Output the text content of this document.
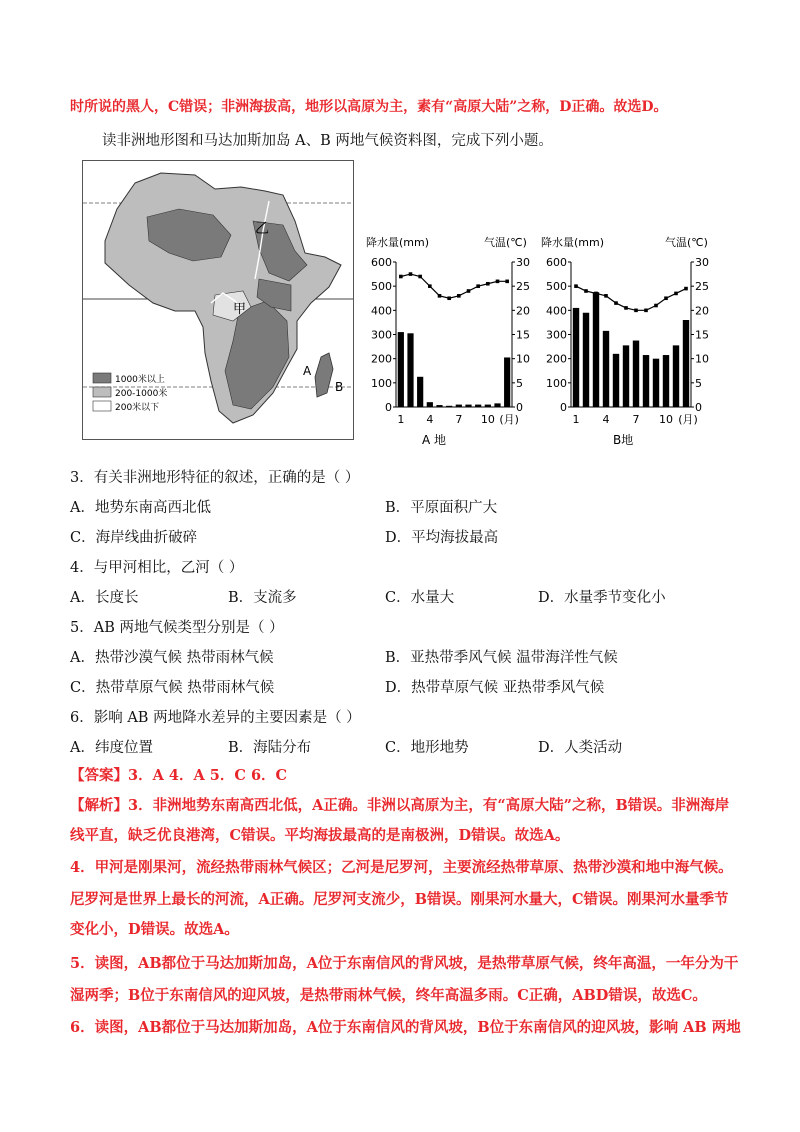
时所说的黑人，C错误；非洲海拔高，地形以高原为主，素有“高原大陆”之称，D正确。故选D。
读非洲地形图和马达加斯加岛 A、B 两地气候资料图，完成下列小题。
乙
甲
A
B
1000米以上
200-1000米
200米以下
降水量(mm)	气温(℃)
600
500
400
300
200
100
0
30
25
20
15
10
5
0
1 4 7 10 (月)
A 地
降水量(mm)	气温(℃)
600
500
400
300
200
100
0
30
25
20
15
10
5
0
1 4 7 10 (月)
B地
3．有关非洲地形特征的叙述，正确的是（ ）
A．地势东南高西北低	B．平原面积广大
C．海岸线曲折破碎	D．平均海拔最高
4．与甲河相比，乙河（ ）
A．长度长	B．支流多	C．水量大	D．水量季节变化小
5．AB 两地气候类型分别是（ ）
A．热带沙漠气候 热带雨林气候	B．亚热带季风气候 温带海洋性气候
C．热带草原气候 热带雨林气候	D．热带草原气候 亚热带季风气候
6．影响 AB 两地降水差异的主要因素是（ ）
A．纬度位置	B．海陆分布	C．地形地势	D．人类活动
【答案】3．A 4．A 5．C 6．C
【解析】3．非洲地势东南高西北低，A正确。非洲以高原为主，有“高原大陆”之称，B错误。非洲海岸
线平直，缺乏优良港湾，C错误。平均海拔最高的是南极洲，D错误。故选A。
4．甲河是刚果河，流经热带雨林气候区；乙河是尼罗河，主要流经热带草原、热带沙漠和地中海气候。
尼罗河是世界上最长的河流，A正确。尼罗河支流少，B错误。刚果河水量大，C错误。刚果河水量季节
变化小，D错误。故选A。
5．读图，AB都位于马达加斯加岛，A位于东南信风的背风坡，是热带草原气候，终年高温，一年分为干
湿两季；B位于东南信风的迎风坡，是热带雨林气候，终年高温多雨。C正确，ABD错误，故选C。
6．读图，AB都位于马达加斯加岛，A位于东南信风的背风坡，B位于东南信风的迎风坡，影响 AB 两地
